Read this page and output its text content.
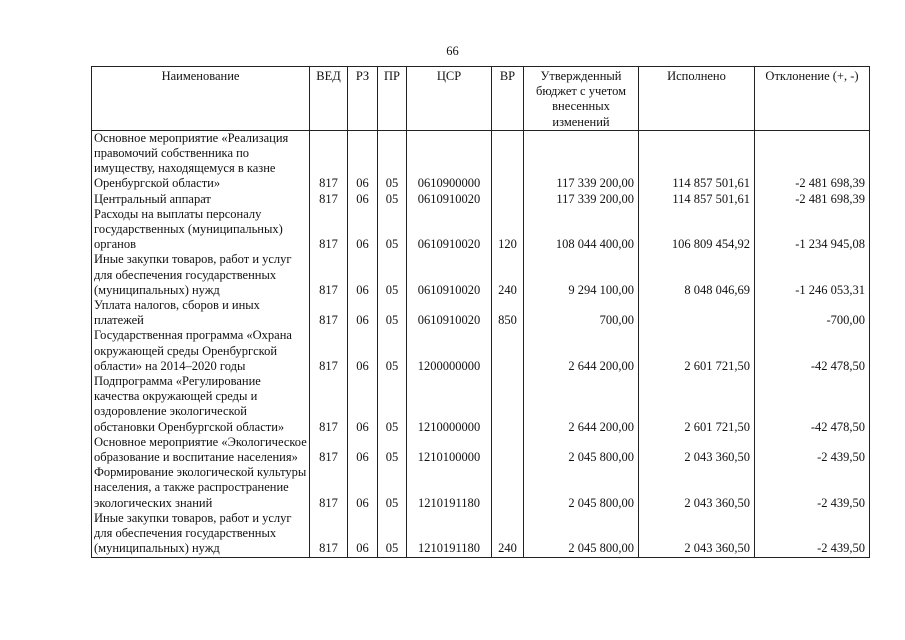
66
Наименование	ВЕД	РЗ	ПР	ЦСР	ВР	Утвержденный бюджет с учетом внесенных изменений	Исполнено	Отклонение (+, -)
Основное мероприятие «Реализация правомочий собственника по имуществу, находящемуся в казне Оренбургской области»	817	06	05	0610900000		117 339 200,00	114 857 501,61	-2 481 698,39
Центральный аппарат	817	06	05	0610910020		117 339 200,00	114 857 501,61	-2 481 698,39
Расходы на выплаты персоналу государственных (муниципальных) органов	817	06	05	0610910020	120	108 044 400,00	106 809 454,92	-1 234 945,08
Иные закупки товаров, работ и услуг для обеспечения государственных (муниципальных) нужд	817	06	05	0610910020	240	9 294 100,00	8 048 046,69	-1 246 053,31
Уплата налогов, сборов и иных платежей	817	06	05	0610910020	850	700,00		-700,00
Государственная программа «Охрана окружающей среды Оренбургской области» на 2014–2020 годы	817	06	05	1200000000		2 644 200,00	2 601 721,50	-42 478,50
Подпрограмма «Регулирование качества окружающей среды и оздоровление экологической обстановки Оренбургской области»	817	06	05	1210000000		2 644 200,00	2 601 721,50	-42 478,50
Основное мероприятие «Экологическое образование и воспитание населения»	817	06	05	1210100000		2 045 800,00	2 043 360,50	-2 439,50
Формирование экологической культуры населения, а также распространение экологических знаний	817	06	05	1210191180		2 045 800,00	2 043 360,50	-2 439,50
Иные закупки товаров, работ и услуг для обеспечения государственных (муниципальных) нужд	817	06	05	1210191180	240	2 045 800,00	2 043 360,50	-2 439,50
